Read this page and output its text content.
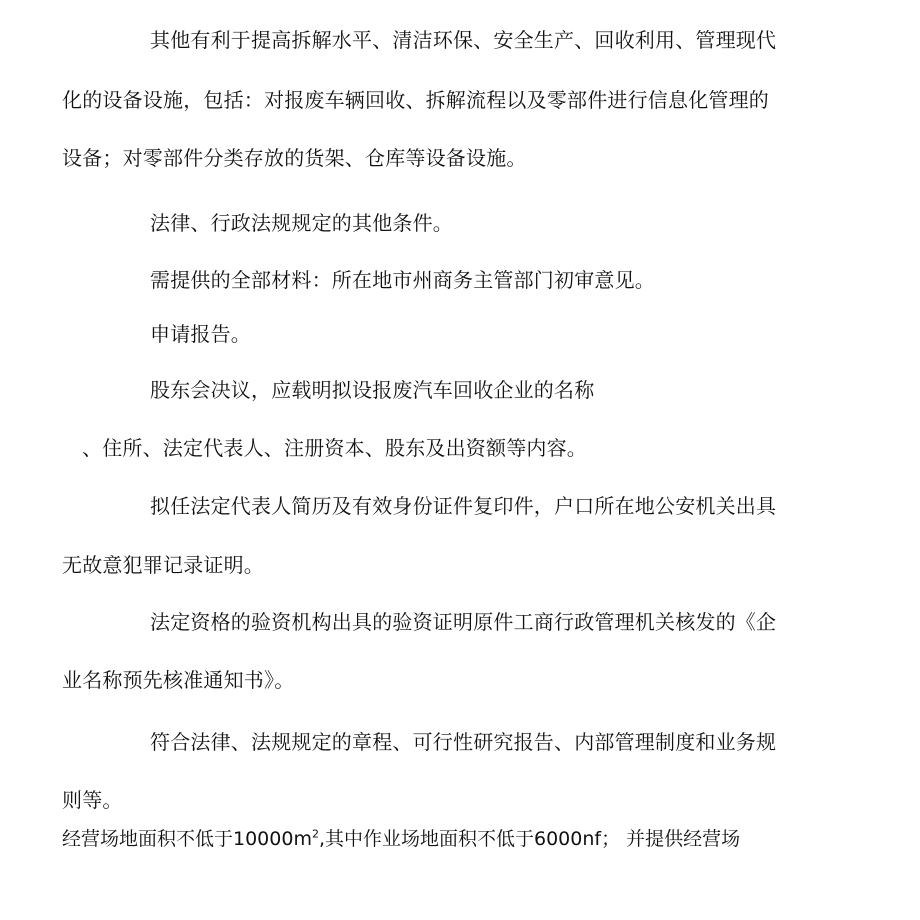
其他有利于提高拆解水平、清洁环保、安全生产、回收利用、管理现代

化的设备设施，包括：对报废车辆回收、拆解流程以及零部件进行信息化管理的

设备；对零部件分类存放的货架、仓库等设备设施。

法律、行政法规规定的其他条件。

需提供的全部材料：所在地市州商务主管部门初审意见。

申请报告。

股东会决议，应载明拟设报废汽车回收企业的名称

、住所、法定代表人、注册资本、股东及出资额等内容。

拟任法定代表人简历及有效身份证件复印件，户口所在地公安机关出具

无故意犯罪记录证明。

法定资格的验资机构出具的验资证明原件工商行政管理机关核发的《企

业名称预先核准通知书》。

符合法律、法规规定的章程、可行性研究报告、内部管理制度和业务规

则等。

经营场地面积不低于$10000m^2$,其中作业场地面积不低于6000nf； 并提供经营场
